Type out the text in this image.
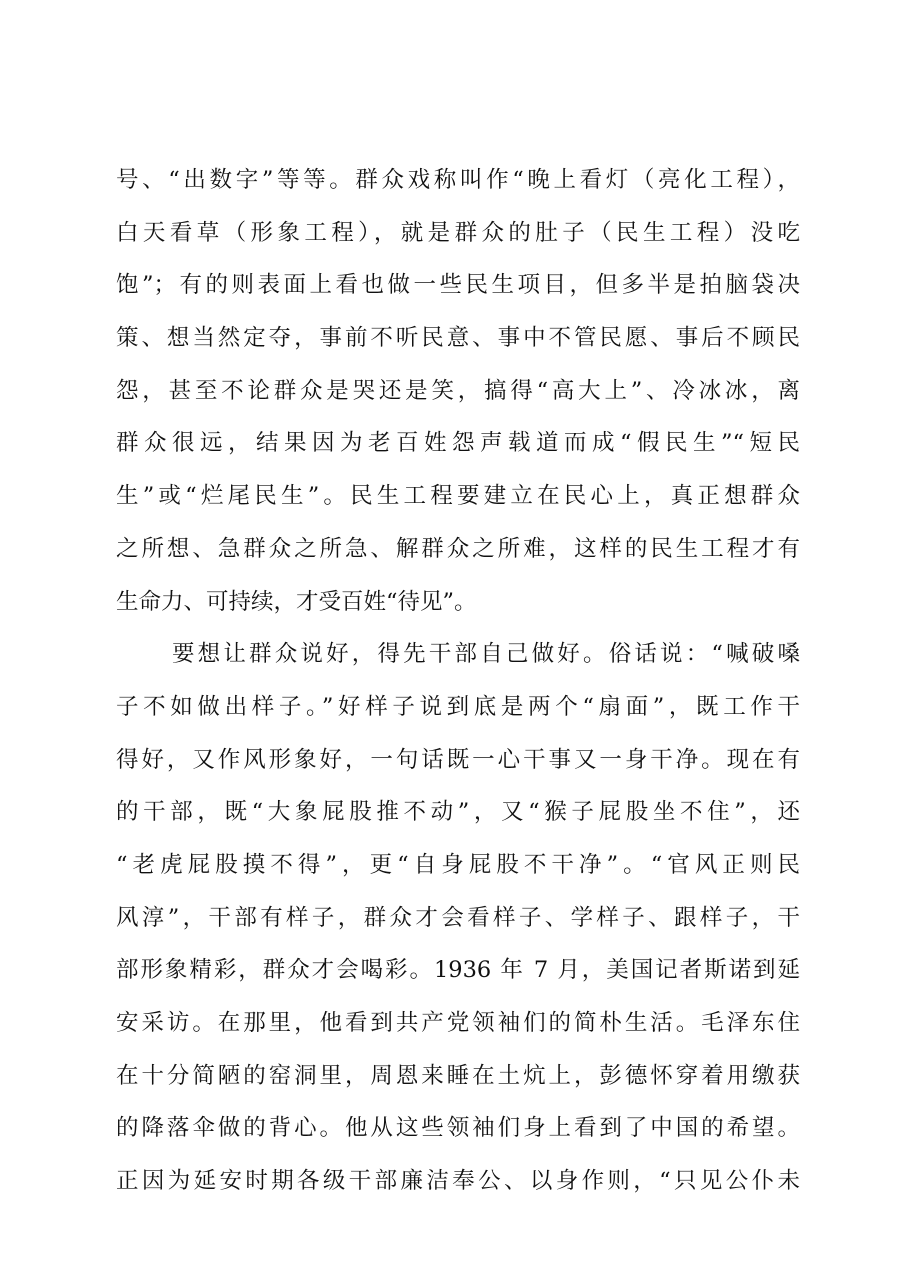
号、“出数字”等等。群众戏称叫作“晚上看灯（亮化工程），
白天看草（形象工程），就是群众的肚子（民生工程）没吃
饱”；有的则表面上看也做一些民生项目，但多半是拍脑袋决
策、想当然定夺，事前不听民意、事中不管民愿、事后不顾民
怨，甚至不论群众是哭还是笑，搞得“高大上”、冷冰冰，离
群众很远，结果因为老百姓怨声载道而成“假民生”“短民
生”或“烂尾民生”。民生工程要建立在民心上，真正想群众
之所想、急群众之所急、解群众之所难，这样的民生工程才有
生命力、可持续，才受百姓“待见”。
要想让群众说好，得先干部自己做好。俗话说：“喊破嗓
子不如做出样子。”好样子说到底是两个“扇面”，既工作干
得好，又作风形象好，一句话既一心干事又一身干净。现在有
的干部，既“大象屁股推不动”，又“猴子屁股坐不住”，还
“老虎屁股摸不得”，更“自身屁股不干净”。“官风正则民
风淳”，干部有样子，群众才会看样子、学样子、跟样子，干
部形象精彩，群众才会喝彩。1936 年 7 月，美国记者斯诺到延
安采访。在那里，他看到共产党领袖们的简朴生活。毛泽东住
在十分简陋的窑洞里，周恩来睡在土炕上，彭德怀穿着用缴获
的降落伞做的背心。他从这些领袖们身上看到了中国的希望。
正因为延安时期各级干部廉洁奉公、以身作则，“只见公仆未
